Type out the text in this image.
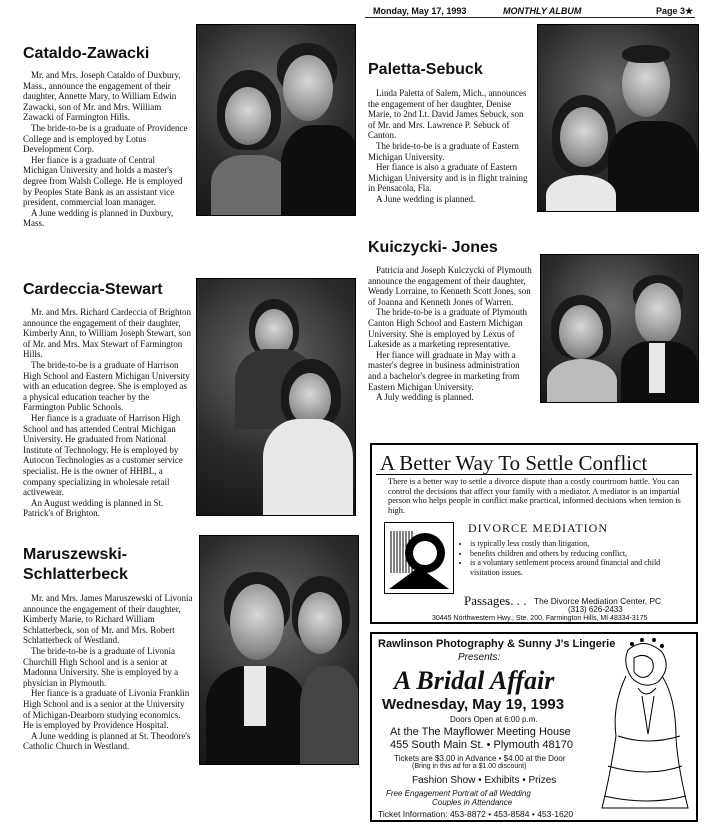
Monday, May 17, 1993	MONTHLY ALBUM	Page 3★
Cataldo-Zawacki

Mr. and Mrs. Joseph Cataldo of Duxbury, Mass., announce the engagement of their daughter, Annette Mary, to William Edwin Zawacki, son of Mr. and Mrs. William Zawacki of Farmington Hills.

The bride-to-be is a graduate of Providence College and is employed by Lotus Development Corp.

Her fiance is a graduate of Central Michigan University and holds a master's degree from Walsh College. He is employed by Peoples State Bank as an assistant vice president, commercial loan manager.

A June wedding is planned in Duxbury, Mass.

Cardeccia-Stewart

Mr. and Mrs. Richard Cardeccia of Brighton announce the engagement of their daughter, Kimberly Ann, to William Joseph Stewart, son of Mr. and Mrs. Max Stewart of Farmington Hills.

The bride-to-be is a graduate of Harrison High School and Eastern Michigan University with an education degree. She is employed as a physical education teacher by the Farmington Public Schools.

Her fiance is a graduate of Harrison High School and has attended Central Michigan University. He graduated from National Institute of Technology. He is employed by Autocon Technologies as a customer service specialist. He is the owner of HHBL, a company specializing in wholesale retail activewear.

An August wedding is planned in St. Patrick's of Brighton.

Maruszewski-
Schlatterbeck

Mr. and Mrs. James Maruszewski of Livonia announce the engagement of their daughter, Kimberly Marie, to Richard William Schlatterbeck, son of Mr. and Mrs. Robert Schlatterbeck of Westland.

The bride-to-be is a graduate of Livonia Churchill High School and is a senior at Madonna University. She is employed by a physician in Plymouth.

Her fiance is a graduate of Livonia Franklin High School and is a senior at the University of Michigan-Dearborn studying economics. He is employed by Providence Hospital.

A June wedding is planned at St. Theodore's Catholic Church in Westland.

Paletta-Sebuck

Linda Paletta of Salem, Mich., announces the engagement of her daughter, Denise Marie, to 2nd Lt. David James Sebuck, son of Mr. and Mrs. Lawrence P. Sebuck of Canton.

The bride-to-be is a graduate of Eastern Michigan University.

Her fiance is also a graduate of Eastern Michigan University and is in flight training in Pensacola, Fla.

A June wedding is planned.

Kuiczycki- Jones

Patricia and Joseph Kulczycki of Plymouth announce the engagement of their daughter, Wendy Lorraine, to Kenneth Scott Jones, son of Joanna and Kenneth Jones of Warren.

The bride-to-be is a graduate of Plymouth Canton High School and Eastern Michigan University. She is employed by Lexus of Lakeside as a marketing representative.

Her fiance will graduate in May with a master's degree in business administration and a bachelor's degree in marketing from Eastern Michigan University.

A July wedding is planned.

A Better Way To Settle Conflict
There is a better way to settle a divorce dispute than a costly courtroom battle. You can control the decisions that affect your family with a mediator. A mediator is an impartial person who helps people in conflict make practical, informed decisions when tension is high.
DIVORCE MEDIATION
• is typically less costly than litigation,
• benefits children and others by reducing conflict,
• is a voluntary settlement process around financial and child visitation issues.
Passages. . . The Divorce Mediation Center, PC
(313) 626-2433
30445 Northwestern Hwy., Ste. 200, Farmington Hills, MI 48334-3175
Rawlinson Photography & Sunny J's Lingerie
Presents:
A Bridal Affair
Wednesday, May 19, 1993
Doors Open at 6:00 p.m.
At the The Mayflower Meeting House
455 South Main St. • Plymouth 48170
Tickets are $3.00 in Advance • $4.00 at the Door
(Bring in this ad for a $1.00 discount)
Fashion Show • Exhibits • Prizes
Free Engagement Portrait of all Wedding
Couples in Attendance
Ticket Information: 453-8872 • 453-8584 • 453-1620
